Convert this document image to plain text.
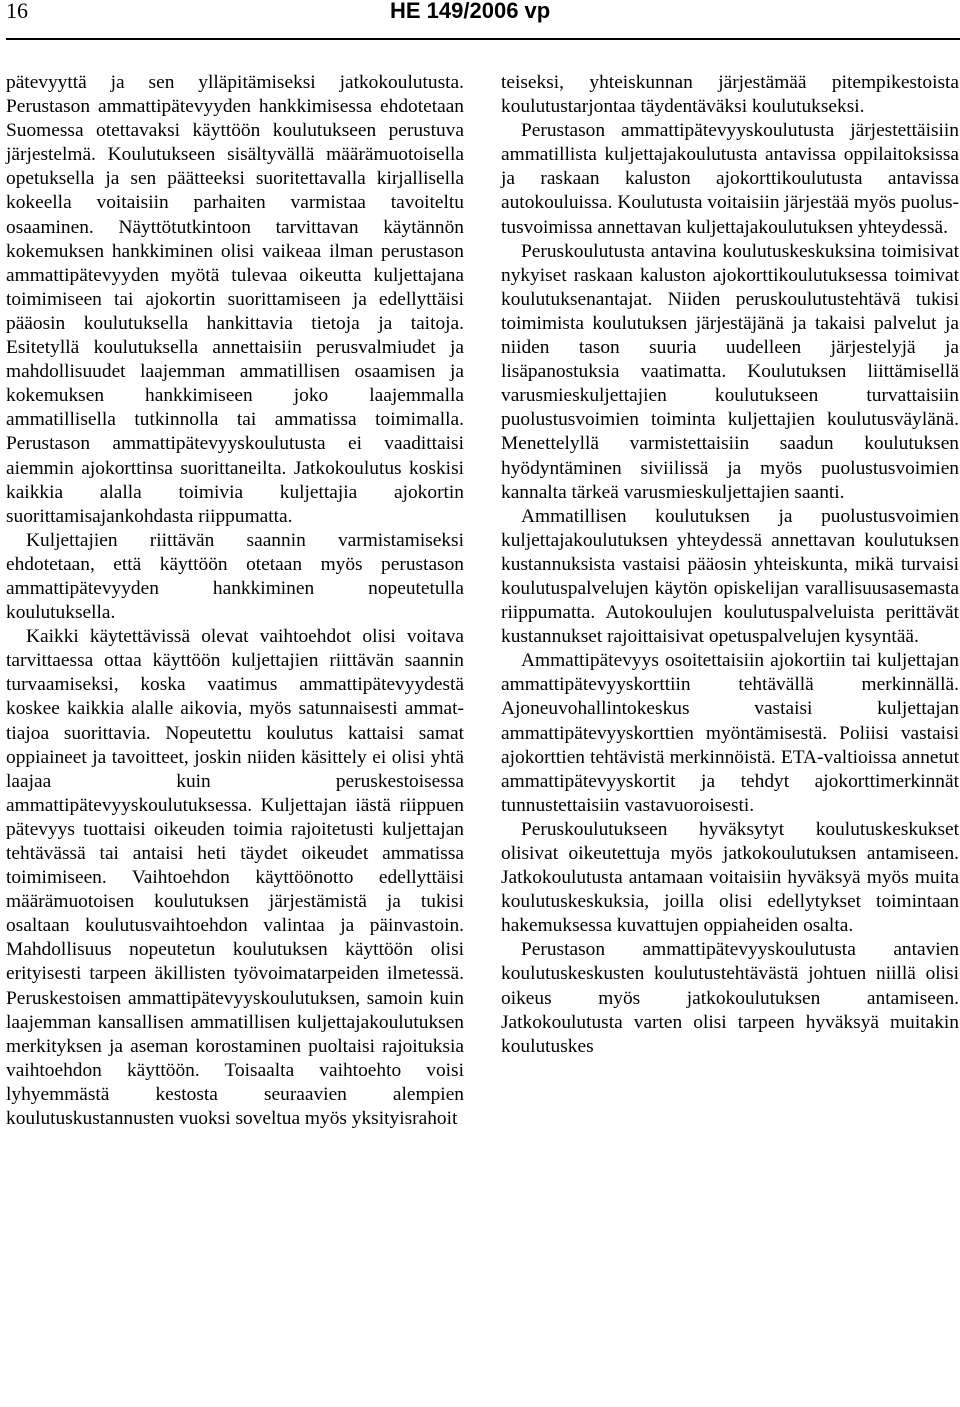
16	HE 149/2006 vp

pätevyyttä ja sen ylläpitämiseksi jatkokoulutusta. Perustason ammattipätevyyden hankkimisessa ehdotetaan Suomessa otettavaksi käyttöön koulutukseen perustuva järjestelmä. Koulutukseen sisältyvällä määrämuotoisella opetuksella ja sen päätteeksi suoritettavalla kirjallisella kokeella voitaisiin parhaiten varmistaa tavoiteltu osaaminen. Näyttötutkintoon tarvittavan käytännön kokemuksen hankkiminen olisi vaikeaa ilman perustason ammattipätevyyden myötä tulevaa oikeutta kuljettajana toimimiseen tai ajokortin suorittamiseen ja edellyttäisi pääosin koulutuksella hankittavia tietoja ja taitoja. Esitetyllä koulutuksella annettaisiin perusvalmiudet ja mahdollisuudet laajemman ammatillisen osaamisen ja kokemuksen hankkimiseen joko laajemmalla ammatillisella tutkinnolla tai ammatissa toimimalla. Perustason ammattipätevyyskoulutusta ei vaadittaisi aiemmin ajokorttinsa suorittaneilta. Jatkokoulutus koskisi kaikkia alalla toimivia kuljettajia ajokortin suorittamisajankohdasta riippumatta.

Kuljettajien riittävän saannin varmistamiseksi ehdotetaan, että käyttöön otetaan myös perustason ammattipätevyyden hankkiminen nopeutetulla koulutuksella.

Kaikki käytettävissä olevat vaihtoehdot olisi voitava tarvittaessa ottaa käyttöön kuljettajien riittävän saannin turvaamiseksi, koska vaatimus ammattipätevyydestä koskee kaikkia alalle aikovia, myös satunnaisesti ammattiajoa suorittavia. Nopeutettu koulutus kattaisi samat oppiaineet ja tavoitteet, joskin niiden käsittely ei olisi yhtä laajaa kuin peruskestoisessa ammattipätevyyskoulutuksessa. Kuljettajan iästä riippuen pätevyys tuottaisi oikeuden toimia rajoitetusti kuljettajan tehtävässä tai antaisi heti täydet oikeudet ammatissa toimimiseen. Vaihtoehdon käyttöönotto edellyttäisi määrämuotoisen koulutuksen järjestämistä ja tukisi osaltaan koulutusvaihtoehdon valintaa ja päinvastoin. Mahdollisuus nopeutetun koulutuksen käyttöön olisi erityisesti tarpeen äkillisten työvoimatarpeiden ilmetessä. Peruskestoisen ammattipätevyyskoulutuksen, samoin kuin laajemman kansallisen ammatillisen kuljettajakoulutuksen merkityksen ja aseman korostaminen puoltaisi rajoituksia vaihtoehdon käyttöön. Toisaalta vaihtoehto voisi lyhyemmästä kestosta seuraavien alempien koulutuskustannusten vuoksi soveltua myös yksityisrahoit

teiseksi, yhteiskunnan järjestämää pitempikestoista koulutustarjontaa täydentäväksi koulutukseksi.

Perustason ammattipätevyyskoulutusta järjestettäisiin ammatillista kuljettajakoulutusta antavissa oppilaitoksissa ja raskaan kaluston ajokorttikoulutusta antavissa autokouluissa. Koulutusta voitaisiin järjestää myös puolustusvoimissa annettavan kuljettajakoulutuksen yhteydessä.

Peruskoulutusta antavina koulutuskeskuksina toimisivat nykyiset raskaan kaluston ajokorttikoulutuksessa toimivat koulutuksenantajat. Niiden peruskoulutustehtävä tukisi toimimista koulutuksen järjestäjänä ja takaisi palvelut ja niiden tason suuria uudelleen järjestelyjä ja lisäpanostuksia vaatimatta. Koulutuksen liittämisellä varusmieskuljettajien koulutukseen turvattaisiin puolustusvoimien toiminta kuljettajien koulutusväylänä. Menettelyllä varmistettaisiin saadun koulutuksen hyödyntäminen siviilissä ja myös puolustusvoimien kannalta tärkeä varusmieskuljettajien saanti.

Ammatillisen koulutuksen ja puolustusvoimien kuljettajakoulutuksen yhteydessä annettavan koulutuksen kustannuksista vastaisi pääosin yhteiskunta, mikä turvaisi koulutuspalvelujen käytön opiskelijan varallisuusasemasta riippumatta. Autokoulujen koulutuspalveluista perittävät kustannukset rajoittaisivat opetuspalvelujen kysyntää.

Ammattipätevyys osoitettaisiin ajokortiin tai kuljettajan ammattipätevyyskorttiin tehtävällä merkinnällä. Ajoneuvohallintokeskus vastaisi kuljettajan ammattipätevyyskorttien myöntämisestä. Poliisi vastaisi ajokorttien tehtävistä merkinnöistä. ETA-valtioissa annetut ammattipätevyyskortit ja tehdyt ajokorttimerkinnät tunnustettaisiin vastavuoroisesti.

Peruskoulutukseen hyväksytyt koulutuskeskukset olisivat oikeutettuja myös jatkokoulutuksen antamiseen. Jatkokoulutusta antamaan voitaisiin hyväksyä myös muita koulutuskeskuksia, joilla olisi edellytykset toimintaan hakemuksessa kuvattujen oppiaheiden osalta.

Perustason ammattipätevyyskoulutusta antavien koulutuskeskusten koulutustehtävästä johtuen niillä olisi oikeus myös jatkokoulutuksen antamiseen. Jatkokoulutusta varten olisi tarpeen hyväksyä muitakin koulutuskes
